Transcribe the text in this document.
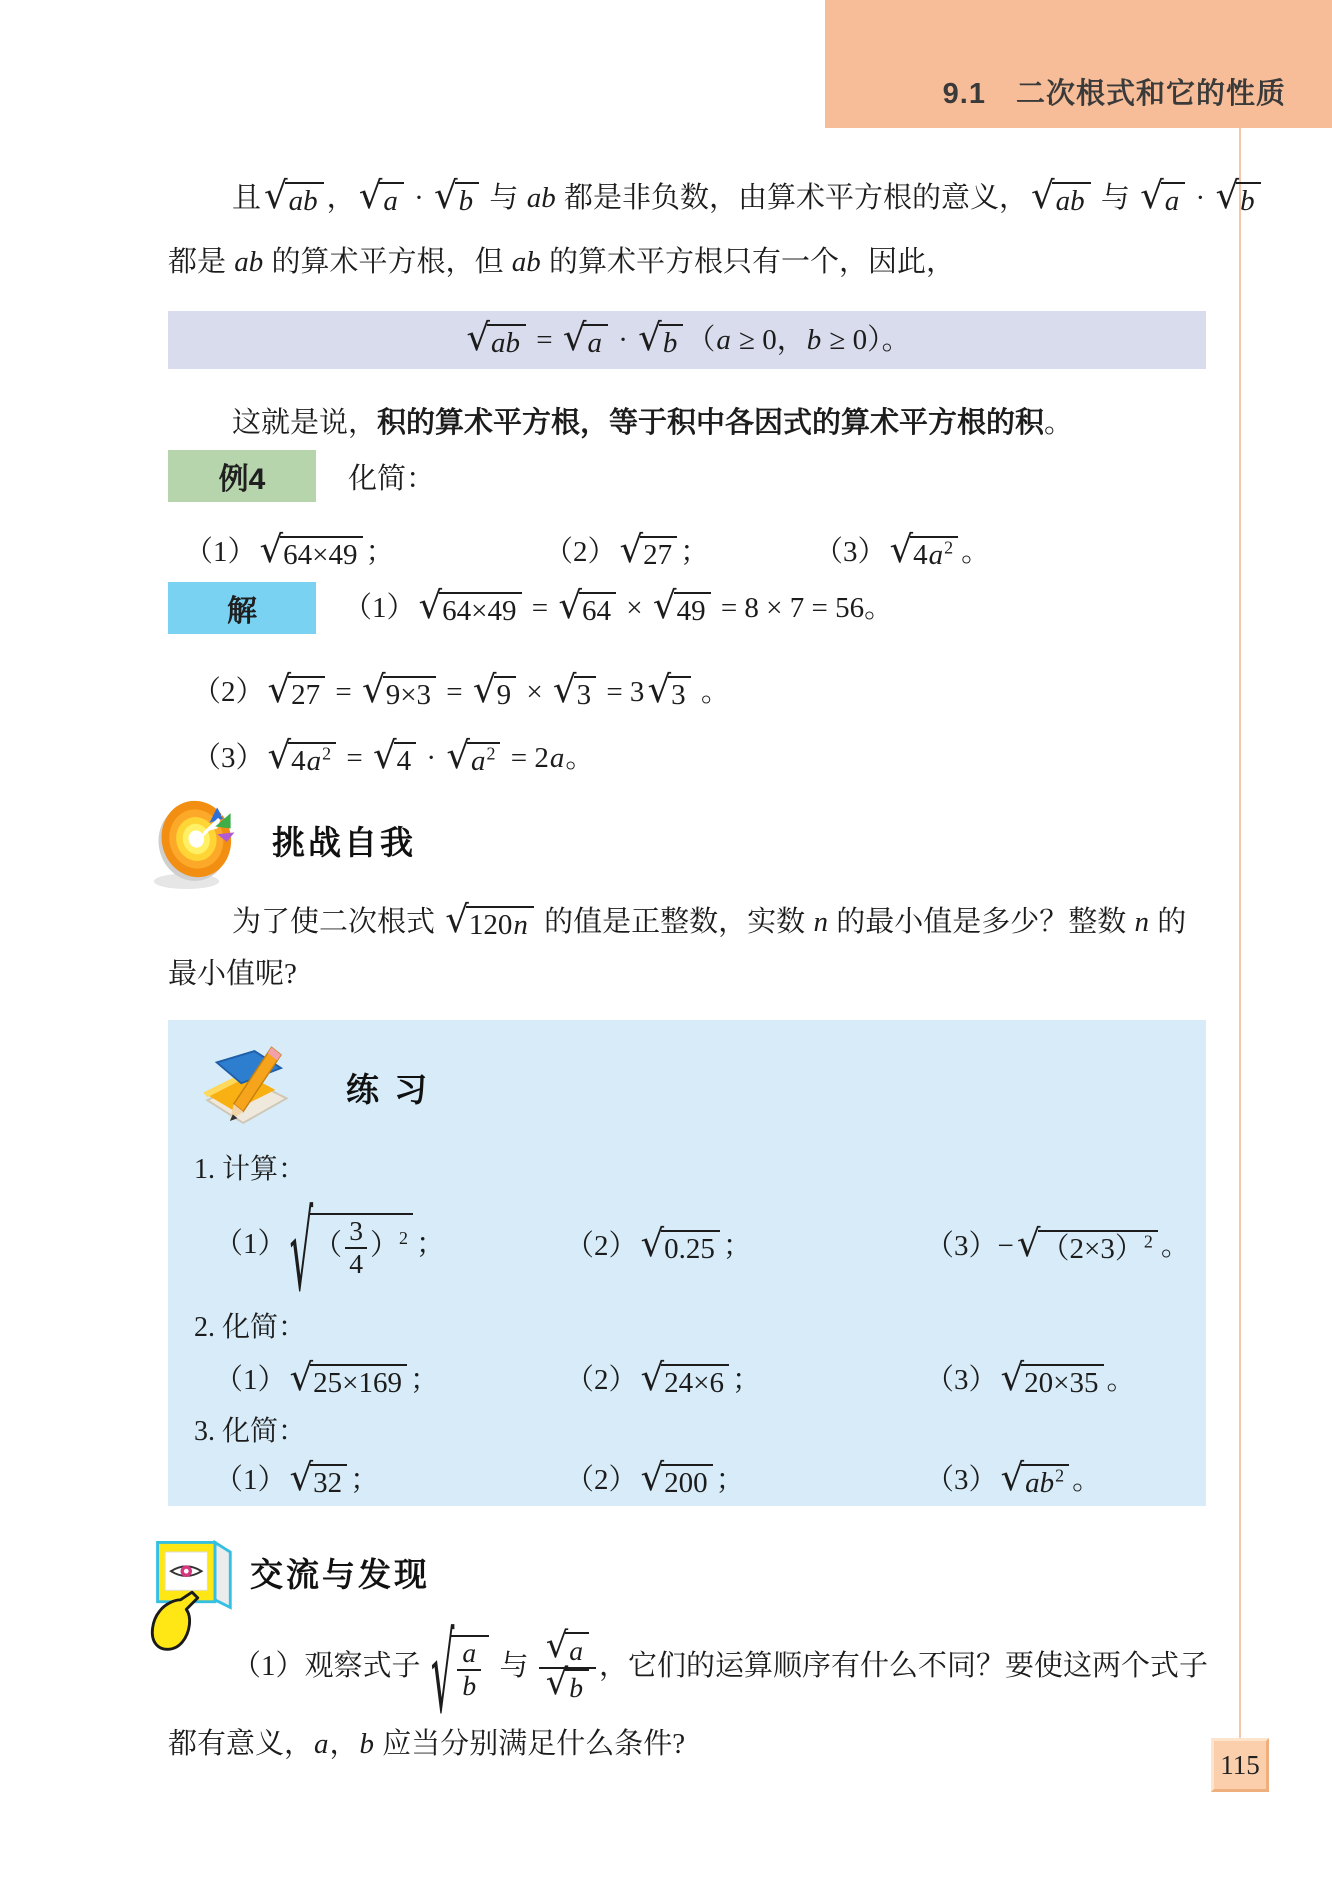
9.1　二次根式和它的性质
115

且 √ ab ， √ a · √ b 与 ab 都是非负数，由算术平方根的意义， √ ab 与 √ a · √ b

都是 ab 的算术平方根，但 ab 的算术平方根只有一个，因此，

√ ab = √ a · √ b （a ≥ 0，b ≥ 0）。

这就是说，积的算术平方根，等于积中各因式的算术平方根的积。

例4	化简：
（1） √ 64×49 ；	（2） √ 27 ；	（3） √ $4a^2$ 。
解	（1） √ 64×49 = √ 64 × √ 49 = 8 × 7 = 56。

（2） √ 27 = √ 9×3 = √ 9 × √ 3 = 3 √ 3 。

（3） √ $4a^2$ = √ 4 · √ $a^2 = 2a$。

挑战自我

为了使二次根式 √ 120n 的值是正整数，实数 n 的最小值是多少？整数 n 的

最小值呢?

练 习

1. 计算：

（1） √ （ $\frac{3}{4} )^2$ ；	（2） √ 0.25 ；	（3）− √ $(2\times 3)^2$ 。

2. 化简：

（1） √ 25×169 ；	（2） √ 24×6 ；	（3） √ 20×35 。

3. 化简：

（1） √ 32 ；	（2） √ 200 ；	（3） √ $ab^2$ 。
交流与发现

（1）观察式子 √ $\frac{a}{b}$ 与 $\frac{√ a}{√ b}$ ，它们的运算顺序有什么不同？要使这两个式子

都有意义，a，b 应当分别满足什么条件?
